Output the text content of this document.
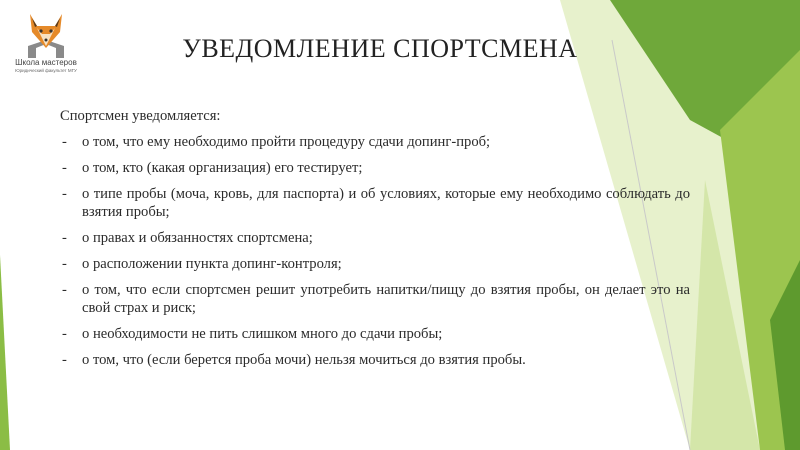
Школа мастеров
Юридический факультет МГУ
УВЕДОМЛЕНИЕ СПОРТСМЕНА

Спортсмен уведомляется:

- о том, что ему необходимо пройти процедуру сдачи допинг-проб;
- о том, кто (какая организация) его тестирует;
- о типе пробы (моча, кровь, для паспорта) и об условиях, которые ему необходимо соблюдать до взятия пробы;
- о правах и обязанностях спортсмена;
- о расположении пункта допинг-контроля;
- о том, что если спортсмен решит употребить напитки/пищу до взятия пробы, он делает это на свой страх и риск;
- о необходимости не пить слишком много до сдачи пробы;
- о том, что (если берется проба мочи) нельзя мочиться до взятия пробы.
